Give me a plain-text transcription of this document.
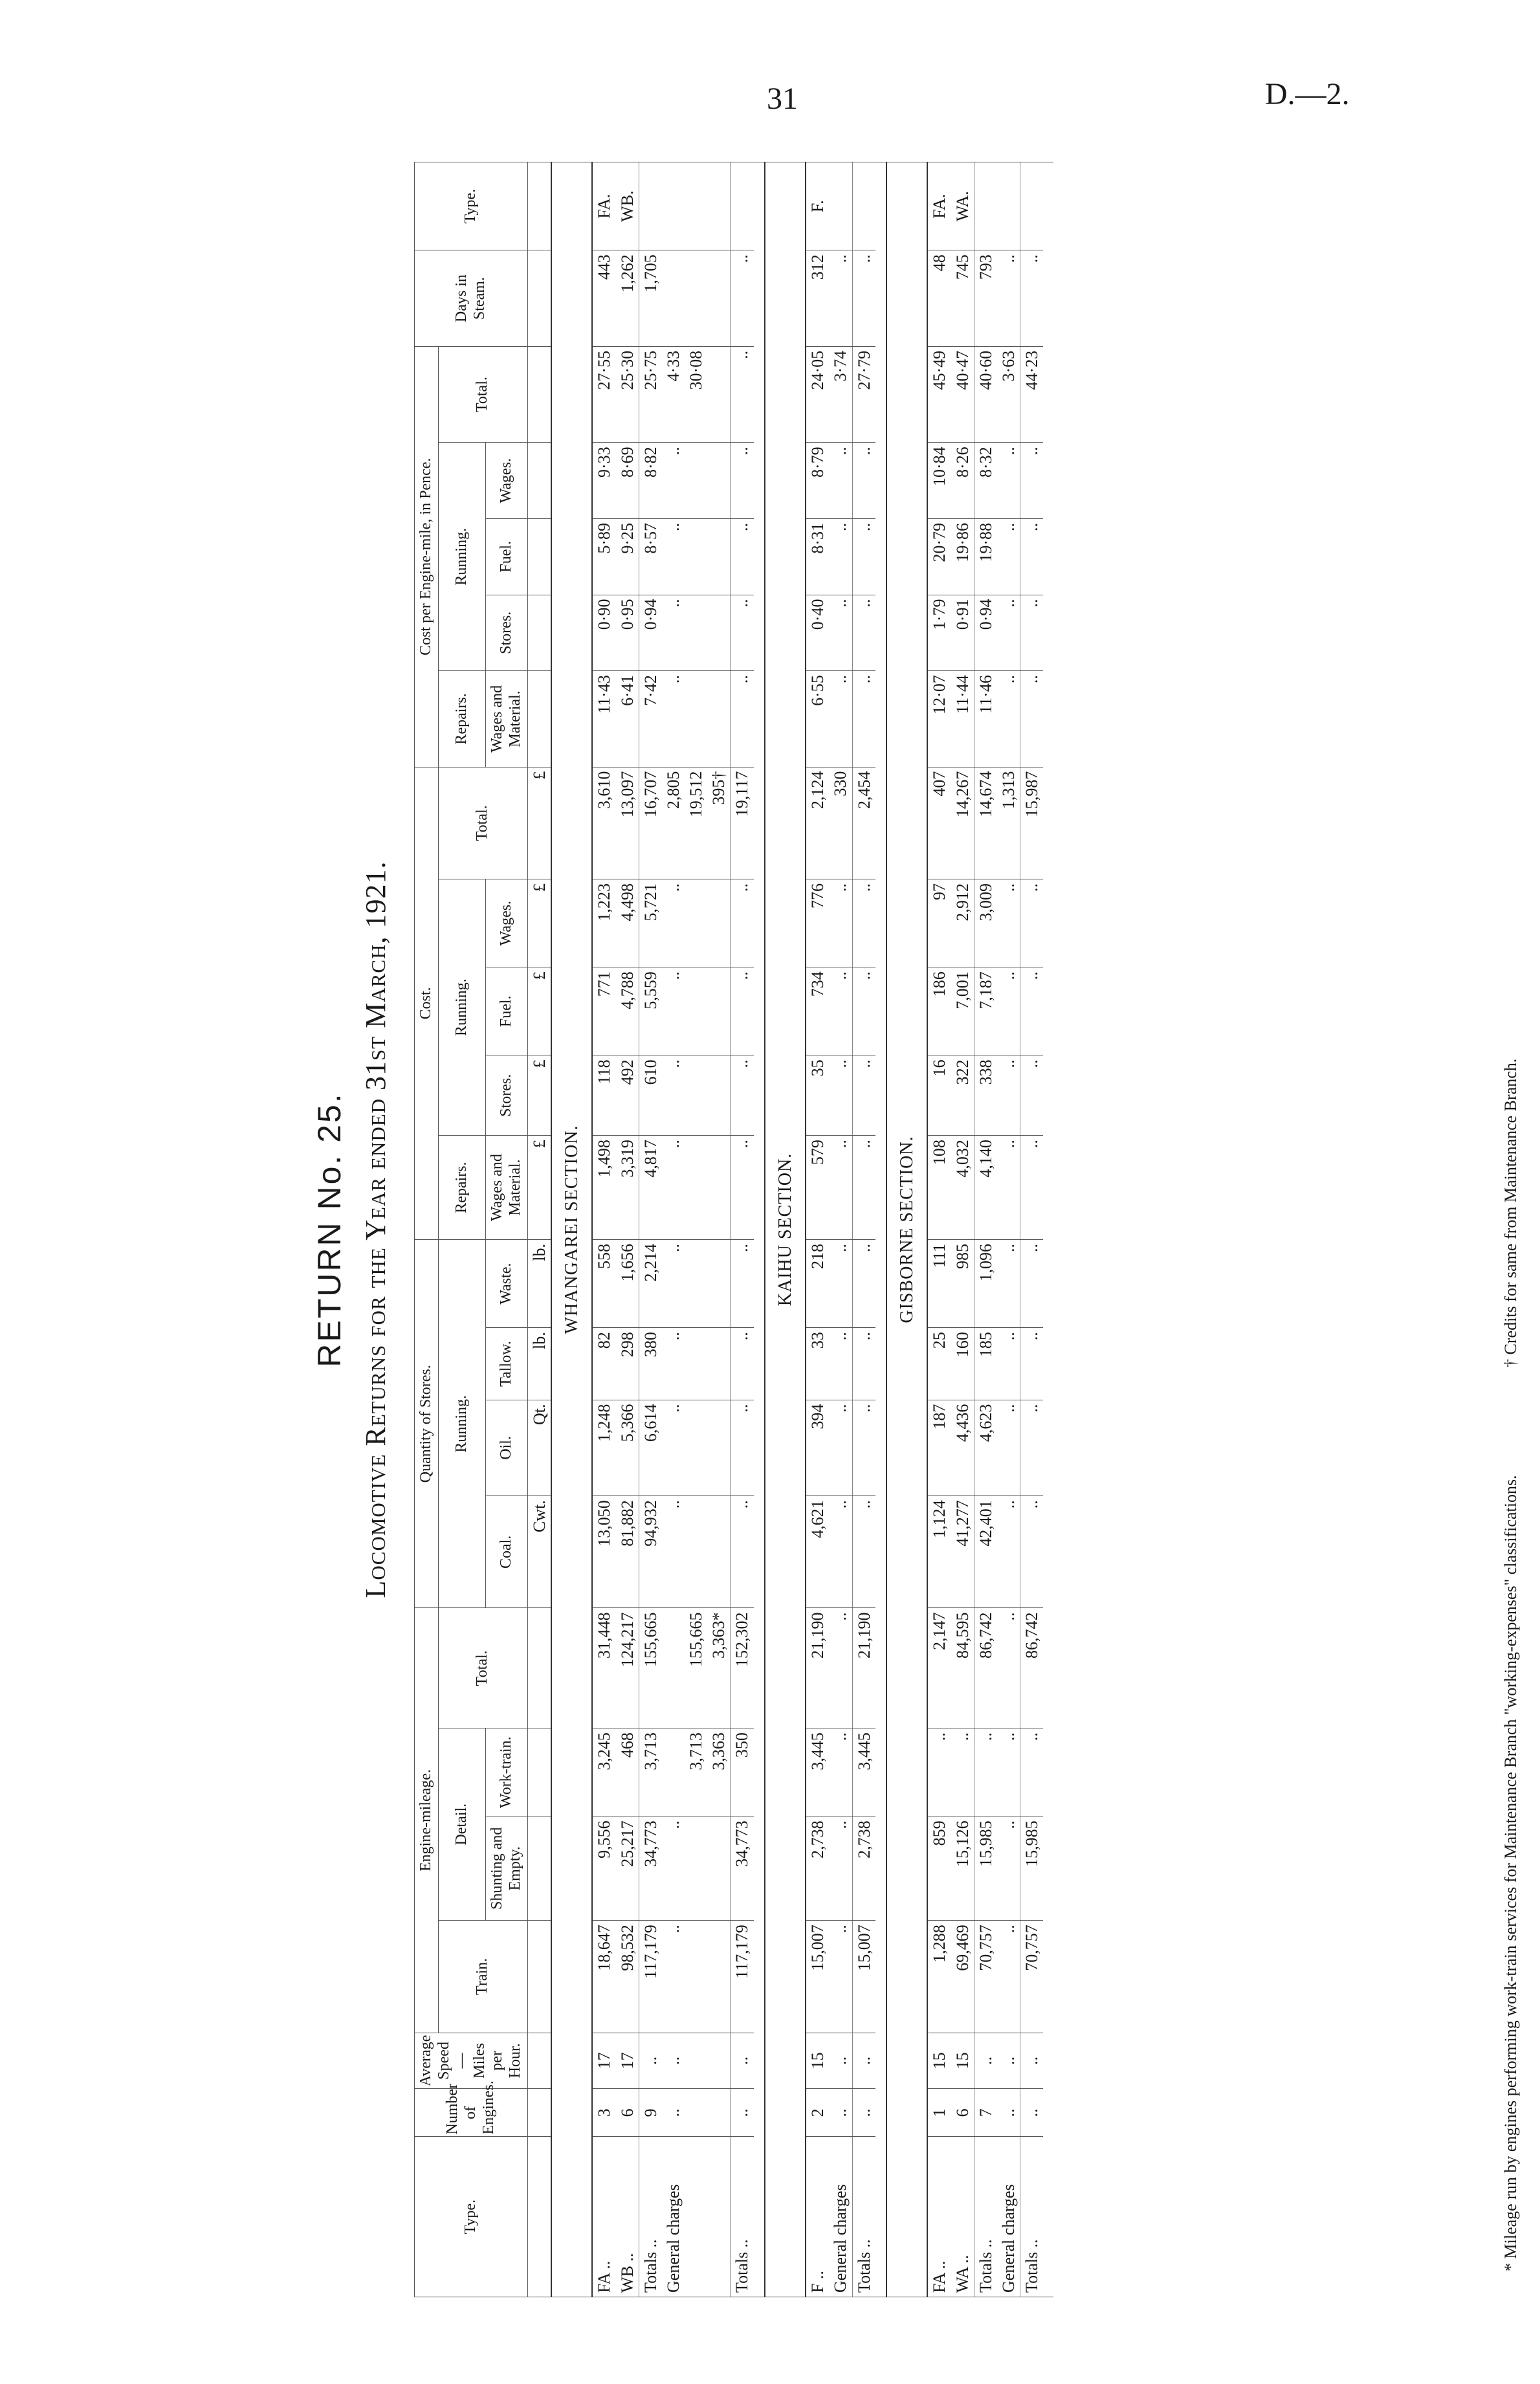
31	D.—2.
RETURN No. 25. Locomotive Returns for the Year ended 31st March, 1921.
Type.	Number of Engines.	Average Speed— Miles per Hour.	Engine-mileage.				Quantity of Stores.				Cost.					Cost per Engine-mile, in Pence.					Days in Steam.	Type.
			Train.	Detail.		Total.	Running.				Repairs.	Running.			Total.	Repairs.	Running.			Total.		
				Shunting and Empty.	Work-train.		Coal.	Oil.	Tallow.	Waste.	Wages and Material.	Stores.	Fuel.	Wages.		Wages and Material.	Stores.	Fuel.	Wages.			
							Cwt.	Qt.	lb.	lb.	£	£	£	£	£							
WHANGAREI SECTION.																						
FA ..	3	17	18,647	9,556	3,245	31,448	13,050	1,248	82	558	1,498	118	771	1,223	3,610	11·43	0·90	5·89	9·33	27·55	443	FA.
WB ..	6	17	98,532	25,217	468	124,217	81,882	5,366	298	1,656	3,319	492	4,788	4,498	13,097	6·41	0·95	9·25	8·69	25·30	1,262	WB.
Totals ..	9	..	117,179	34,773	3,713	155,665	94,932	6,614	380	2,214	4,817	610	5,559	5,721	16,707	7·42	0·94	8·57	8·82	25·75	1,705	
General charges	..	..	..	..			..	..	..	..	..	..	..	..	2,805	..	..	..	..	4·33		
					3,713	155,665									19,512					30·08		
					3,363	3,363*									395†							
Totals ..	..	..	117,179	34,773	350	152,302	..	..	..	..	..	..	..	..	19,117	..	..	..	..	..	..	

KAIHU SECTION.																						
F ..	2	15	15,007	2,738	3,445	21,190	4,621	394	33	218	579	35	734	776	2,124	6·55	0·40	8·31	8·79	24·05	312	F.
General charges	..	..	..	..	..	..	..	..	..	..	..	..	..	..	330	..	..	..	..	3·74	..	
Totals ..	..	..	15,007	2,738	3,445	21,190	..	..	..	..	..	..	..	..	2,454	..	..	..	..	27·79	..	

GISBORNE SECTION.																						
FA ..	1	15	1,288	859	..	2,147	1,124	187	25	111	108	16	186	97	407	12·07	1·79	20·79	10·84	45·49	48	FA.
WA ..	6	15	69,469	15,126	..	84,595	41,277	4,436	160	985	4,032	322	7,001	2,912	14,267	11·44	0·91	19·86	8·26	40·47	745	WA.
Totals ..	7	..	70,757	15,985	..	86,742	42,401	4,623	185	1,096	4,140	338	7,187	3,009	14,674	11·46	0·94	19·88	8·32	40·60	793	
General charges	..	..	..	..	..	..	..	..	..	..	..	..	..	..	1,313	..	..	..	..	3·63	..	
Totals ..	..	..	70,757	15,985	..	86,742	..	..	..	..	..	..	..	..	15,987	..	..	..	..	44·23	..	

* Mileage run by engines performing work-train services for Maintenance Branch "working-expenses" classifications. † Credits for same from Maintenance Branch.
